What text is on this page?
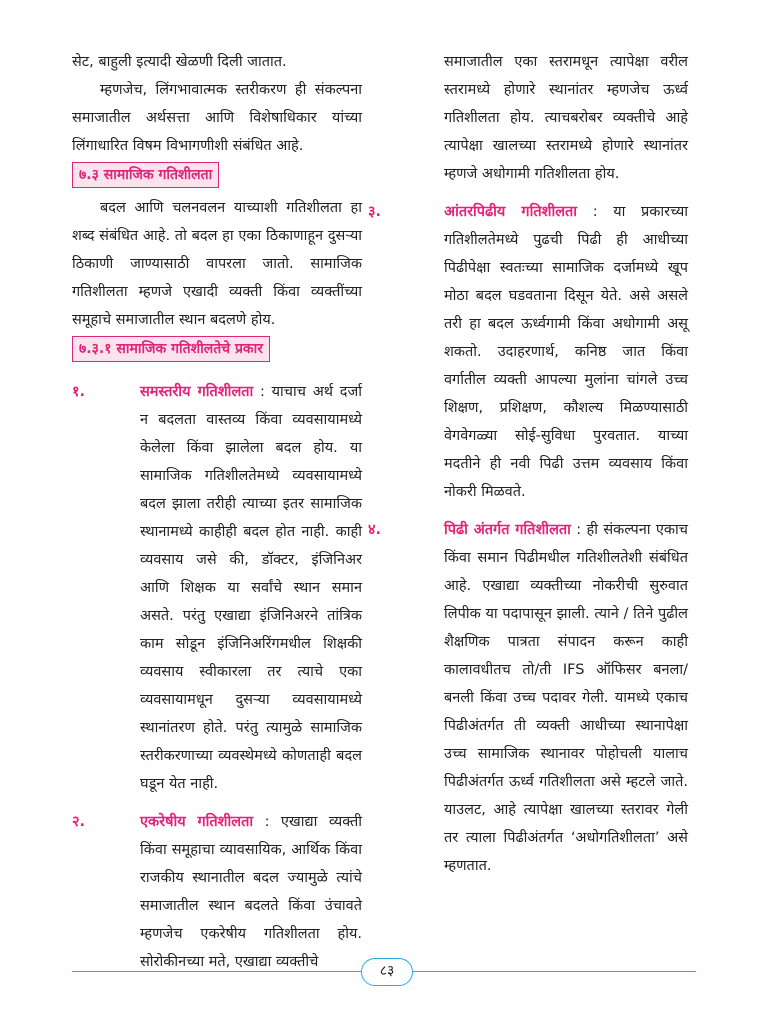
सेट, बाहुली इत्यादी खेळणी दिली जातात.

म्हणजेच, लिंगभावात्मक स्तरीकरण ही संकल्पना समाजातील अर्थसत्ता आणि विशेषाधिकार यांच्या लिंगाधारित विषम विभागणीशी संबंधित आहे.

७.३ सामाजिक गतिशीलता

बदल आणि चलनवलन याच्याशी गतिशीलता हा शब्द संबंधित आहे. तो बदल हा एका ठिकाणाहून दुसऱ्या ठिकाणी जाण्यासाठी वापरला जातो. सामाजिक गतिशीलता म्हणजे एखादी व्यक्ती किंवा व्यक्तींच्या समूहाचे समाजातील स्थान बदलणे होय.

७.३.१ सामाजिक गतिशीलतेचे प्रकार
१.	समस्तरीय गतिशीलता : याचाच अर्थ दर्जा न बदलता वास्तव्य किंवा व्यवसायामध्ये केलेला किंवा झालेला बदल होय. या सामाजिक गतिशीलतेमध्ये व्यवसायामध्ये बदल झाला तरीही त्याच्या इतर सामाजिक स्थानामध्ये काहीही बदल होत नाही. काही व्यवसाय जसे की, डॉक्टर, इंजिनिअर आणि शिक्षक या सर्वांचे स्थान समान असते. परंतु एखाद्या इंजिनिअरने तांत्रिक काम सोडून इंजिनिअरिंगमधील शिक्षकी व्यवसाय स्वीकारला तर त्याचे एका व्यवसायामधून दुसऱ्या व्यवसायामध्ये स्थानांतरण होते. परंतु त्यामुळे सामाजिक स्तरीकरणाच्या व्यवस्थेमध्ये कोणताही बदल घडून येत नाही.

२.	एकरेषीय गतिशीलता : एखाद्या व्यक्ती किंवा समूहाचा व्यावसायिक, आर्थिक किंवा राजकीय स्थानातील बदल ज्यामुळे त्यांचे समाजातील स्थान बदलते किंवा उंचावते म्हणजेच एकरेषीय गतिशीलता होय. सोरोकीनच्या मते, एखाद्या व्यक्तीचे

समाजातील एका स्तरामधून त्यापेक्षा वरील स्तरामध्ये होणारे स्थानांतर म्हणजेच ऊर्ध्व गतिशीलता होय. त्याचबरोबर व्यक्तीचे आहे त्यापेक्षा खालच्या स्तरामध्ये होणारे स्थानांतर म्हणजे अधोगामी गतिशीलता होय.

३.	आंतरपिढीय गतिशीलता : या प्रकारच्या गतिशीलतेमध्ये पुढची पिढी ही आधीच्या पिढीपेक्षा स्वतःच्या सामाजिक दर्जामध्ये खूप मोठा बदल घडवताना दिसून येते. असे असले तरी हा बदल ऊर्ध्वगामी किंवा अधोगामी असू शकतो. उदाहरणार्थ, कनिष्ठ जात किंवा वर्गातील व्यक्ती आपल्या मुलांना चांगले उच्च शिक्षण, प्रशिक्षण, कौशल्य मिळण्यासाठी वेगवेगळ्या सोई-सुविधा पुरवतात. याच्या मदतीने ही नवी पिढी उत्तम व्यवसाय किंवा नोकरी मिळवते.

४.	पिढी अंतर्गत गतिशीलता : ही संकल्पना एकाच किंवा समान पिढीमधील गतिशीलतेशी संबंधित आहे. एखाद्या व्यक्तीच्या नोकरीची सुरुवात लिपीक या पदापासून झाली. त्याने / तिने पुढील शैक्षणिक पात्रता संपादन करून काही कालावधीतच तो/ती IFS ऑफिसर बनला/बनली किंवा उच्च पदावर गेली. यामध्ये एकाच पिढीअंतर्गत ती व्यक्ती आधीच्या स्थानापेक्षा उच्च सामाजिक स्थानावर पोहोचली यालाच पिढीअंतर्गत ऊर्ध्व गतिशीलता असे म्हटले जाते. याउलट, आहे त्यापेक्षा खालच्या स्तरावर गेली तर त्याला पिढीअंतर्गत ‘अधोगतिशीलता’ असे म्हणतात.

८३
